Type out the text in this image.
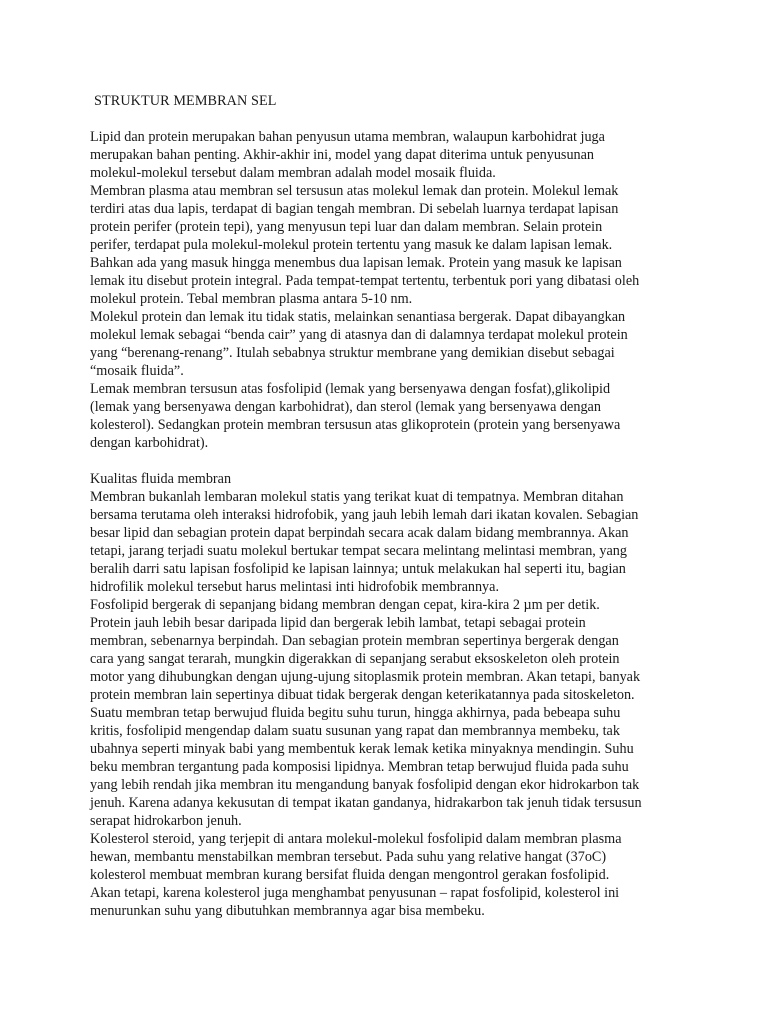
STRUKTUR MEMBRAN SEL

Lipid dan protein merupakan bahan penyusun utama membran, walaupun karbohidrat juga
merupakan bahan penting. Akhir-akhir ini, model yang dapat diterima untuk penyusunan
molekul-molekul tersebut dalam membran adalah model mosaik fluida.

Membran plasma atau membran sel tersusun atas molekul lemak dan protein. Molekul lemak
terdiri atas dua lapis, terdapat di bagian tengah membran. Di sebelah luarnya terdapat lapisan
protein perifer (protein tepi), yang menyusun tepi luar dan dalam membran. Selain protein
perifer, terdapat pula molekul-molekul protein tertentu yang masuk ke dalam lapisan lemak.
Bahkan ada yang masuk hingga menembus dua lapisan lemak. Protein yang masuk ke lapisan
lemak itu disebut protein integral. Pada tempat-tempat tertentu, terbentuk pori yang dibatasi oleh
molekul protein. Tebal membran plasma antara 5-10 nm.

Molekul protein dan lemak itu tidak statis, melainkan senantiasa bergerak. Dapat dibayangkan
molekul lemak sebagai “benda cair” yang di atasnya dan di dalamnya terdapat molekul protein
yang “berenang-renang”. Itulah sebabnya struktur membrane yang demikian disebut sebagai
“mosaik fluida”.

Lemak membran tersusun atas fosfolipid (lemak yang bersenyawa dengan fosfat),glikolipid
(lemak yang bersenyawa dengan karbohidrat), dan sterol (lemak yang bersenyawa dengan
kolesterol). Sedangkan protein membran tersusun atas glikoprotein (protein yang bersenyawa
dengan karbohidrat).

Kualitas fluida membran

Membran bukanlah lembaran molekul statis yang terikat kuat di tempatnya. Membran ditahan
bersama terutama oleh interaksi hidrofobik, yang jauh lebih lemah dari ikatan kovalen. Sebagian
besar lipid dan sebagian protein dapat berpindah secara acak dalam bidang membrannya. Akan
tetapi, jarang terjadi suatu molekul bertukar tempat secara melintang melintasi membran, yang
beralih darri satu lapisan fosfolipid ke lapisan lainnya; untuk melakukan hal seperti itu, bagian
hidrofilik molekul tersebut harus melintasi inti hidrofobik membrannya.

Fosfolipid bergerak di sepanjang bidang membran dengan cepat, kira-kira 2 µm per detik.
Protein jauh lebih besar daripada lipid dan bergerak lebih lambat, tetapi sebagai protein
membran, sebenarnya berpindah. Dan sebagian protein membran sepertinya bergerak dengan
cara yang sangat terarah, mungkin digerakkan di sepanjang serabut eksoskeleton oleh protein
motor yang dihubungkan dengan ujung-ujung sitoplasmik protein membran. Akan tetapi, banyak
protein membran lain sepertinya dibuat tidak bergerak dengan keterikatannya pada sitoskeleton.
Suatu membran tetap berwujud fluida begitu suhu turun, hingga akhirnya, pada bebeapa suhu
kritis, fosfolipid mengendap dalam suatu susunan yang rapat dan membrannya membeku, tak
ubahnya seperti minyak babi yang membentuk kerak lemak ketika minyaknya mendingin. Suhu
beku membran tergantung pada komposisi lipidnya. Membran tetap berwujud fluida pada suhu
yang lebih rendah jika membran itu mengandung banyak fosfolipid dengan ekor hidrokarbon tak
jenuh. Karena adanya kekusutan di tempat ikatan gandanya, hidrakarbon tak jenuh tidak tersusun
serapat hidrokarbon jenuh.

Kolesterol steroid, yang terjepit di antara molekul-molekul fosfolipid dalam membran plasma
hewan, membantu menstabilkan membran tersebut. Pada suhu yang relative hangat (37oC)
kolesterol membuat membran kurang bersifat fluida dengan mengontrol gerakan fosfolipid.
Akan tetapi, karena kolesterol juga menghambat penyusunan – rapat fosfolipid, kolesterol ini
menurunkan suhu yang dibutuhkan membrannya agar bisa membeku.
